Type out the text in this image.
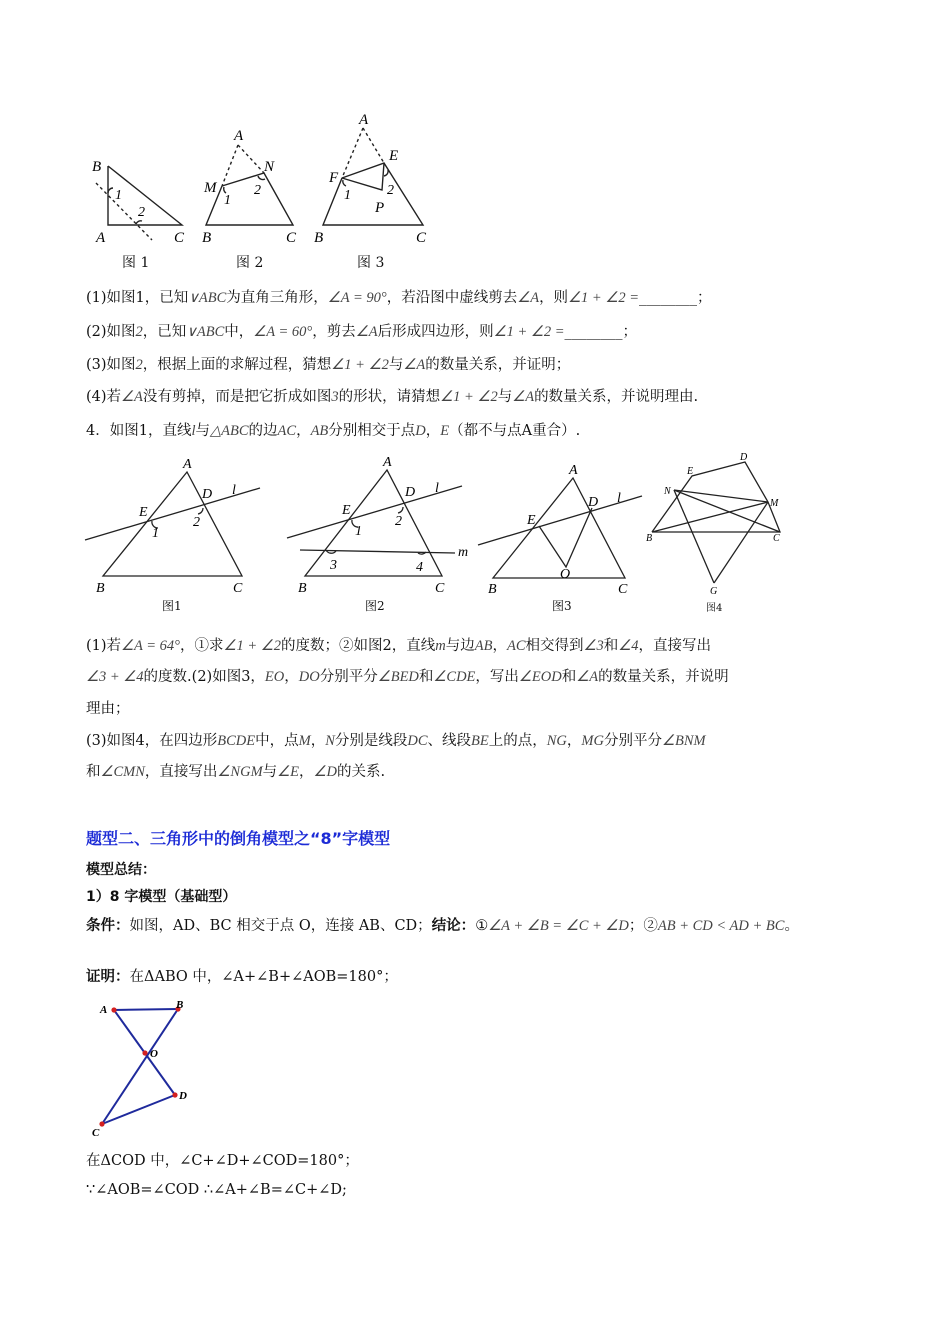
B
A	C
1
2
A
M
N
B	C
1
2
A
E
F
P
B	C
1	2
图 1	图 2	图 3
(1)如图1，已知∨ABC为直角三角形，∠A = 90°，若沿图中虚线剪去∠A，则∠1 + ∠2 =________；
(2)如图2，已知∨ABC中，∠A = 60°，剪去∠A后形成四边形，则∠1 + ∠2 =________；
(3)如图2，根据上面的求解过程，猜想∠1 + ∠2与∠A的数量关系，并证明；
(4)若∠A没有剪掉，而是把它折成如图3的形状，请猜想∠1 + ∠2与∠A的数量关系，并说明理由.
4．如图1，直线l与△ABC的边AC，AB分别相交于点D，E（都不与点A重合）.
A
D l
E
1
2
B	C
A
D l
E
1
2
m
3	4
B	C
A
D l
E
O
B	C
D
E
N
M
B	C
G
图1	图2	图3	图4
(1)若∠A = 64°，①求∠1 + ∠2的度数；②如图2，直线m与边AB，AC相交得到∠3和∠4，直接写出
∠3 + ∠4的度数.(2)如图3，EO，DO分别平分∠BED和∠CDE，写出∠EOD和∠A的数量关系，并说明
理由；
(3)如图4，在四边形BCDE中，点M，N分别是线段DC、线段BE上的点，NG，MG分别平分∠BNM
和∠CMN，直接写出∠NGM与∠E，∠D的关系.
题型二、三角形中的倒角模型之“8”字模型
模型总结：
1）8 字模型（基础型）
条件：如图，AD、BC 相交于点 O，连接 AB、CD；结论：①∠A + ∠B = ∠C + ∠D；②AB + CD < AD + BC。
证明：在ΔABO 中，∠A+∠B+∠AOB=180°；
A	B
O
D
C
在ΔCOD 中，∠C+∠D+∠COD=180°；
∵∠AOB=∠COD ∴∠A+∠B=∠C+∠D;
